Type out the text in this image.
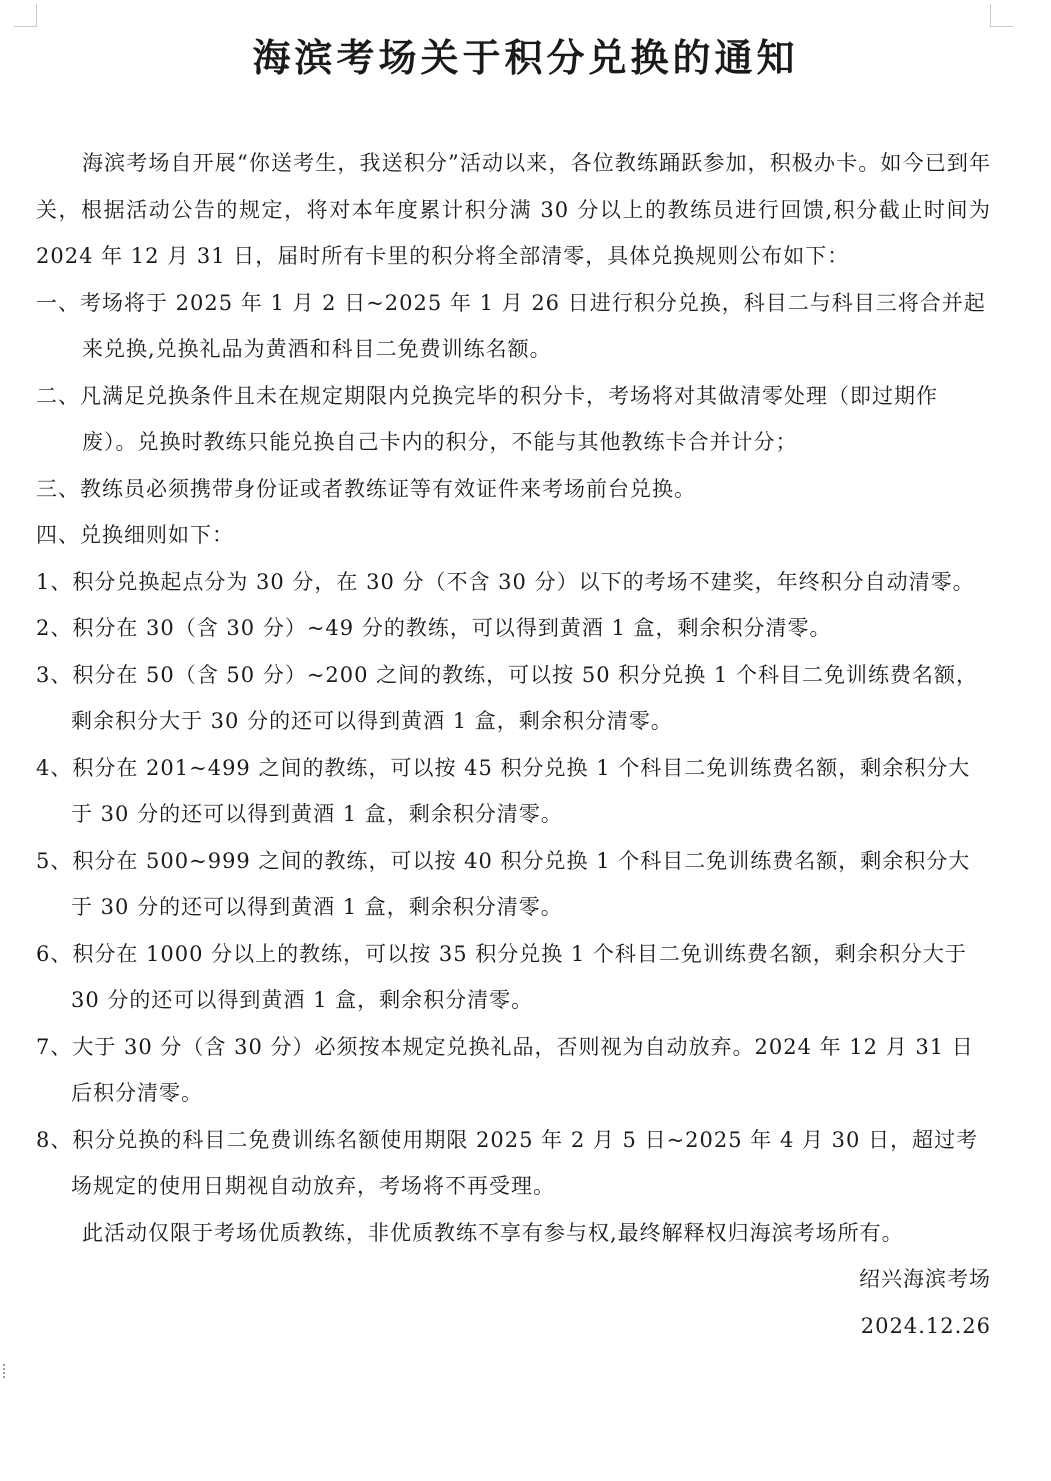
海滨考场关于积分兑换的通知

海滨考场自开展“你送考生，我送积分”活动以来，各位教练踊跃参加，积极办卡。如今已到年关，根据活动公告的规定，将对本年度累计积分满 30 分以上的教练员进行回馈,积分截止时间为 2024 年 12 月 31 日，届时所有卡里的积分将全部清零，具体兑换规则公布如下：

一、考场将于 2025 年 1 月 2 日~2025 年 1 月 26 日进行积分兑换，科目二与科目三将合并起来兑换,兑换礼品为黄酒和科目二免费训练名额。

二、凡满足兑换条件且未在规定期限内兑换完毕的积分卡，考场将对其做清零处理（即过期作废）。兑换时教练只能兑换自己卡内的积分，不能与其他教练卡合并计分；

三、教练员必须携带身份证或者教练证等有效证件来考场前台兑换。

四、兑换细则如下：

1、积分兑换起点分为 30 分，在 30 分（不含 30 分）以下的考场不建奖，年终积分自动清零。

2、积分在 30（含 30 分）~49 分的教练，可以得到黄酒 1 盒，剩余积分清零。

3、积分在 50（含 50 分）~200 之间的教练，可以按 50 积分兑换 1 个科目二免训练费名额，剩余积分大于 30 分的还可以得到黄酒 1 盒，剩余积分清零。

4、积分在 201~499 之间的教练，可以按 45 积分兑换 1 个科目二免训练费名额，剩余积分大于 30 分的还可以得到黄酒 1 盒，剩余积分清零。

5、积分在 500~999 之间的教练，可以按 40 积分兑换 1 个科目二免训练费名额，剩余积分大于 30 分的还可以得到黄酒 1 盒，剩余积分清零。

6、积分在 1000 分以上的教练，可以按 35 积分兑换 1 个科目二免训练费名额，剩余积分大于 30 分的还可以得到黄酒 1 盒，剩余积分清零。

7、大于 30 分（含 30 分）必须按本规定兑换礼品，否则视为自动放弃。2024 年 12 月 31 日后积分清零。

8、积分兑换的科目二免费训练名额使用期限 2025 年 2 月 5 日~2025 年 4 月 30 日，超过考场规定的使用日期视自动放弃，考场将不再受理。

此活动仅限于考场优质教练，非优质教练不享有参与权,最终解释权归海滨考场所有。

绍兴海滨考场

2024.12.26
